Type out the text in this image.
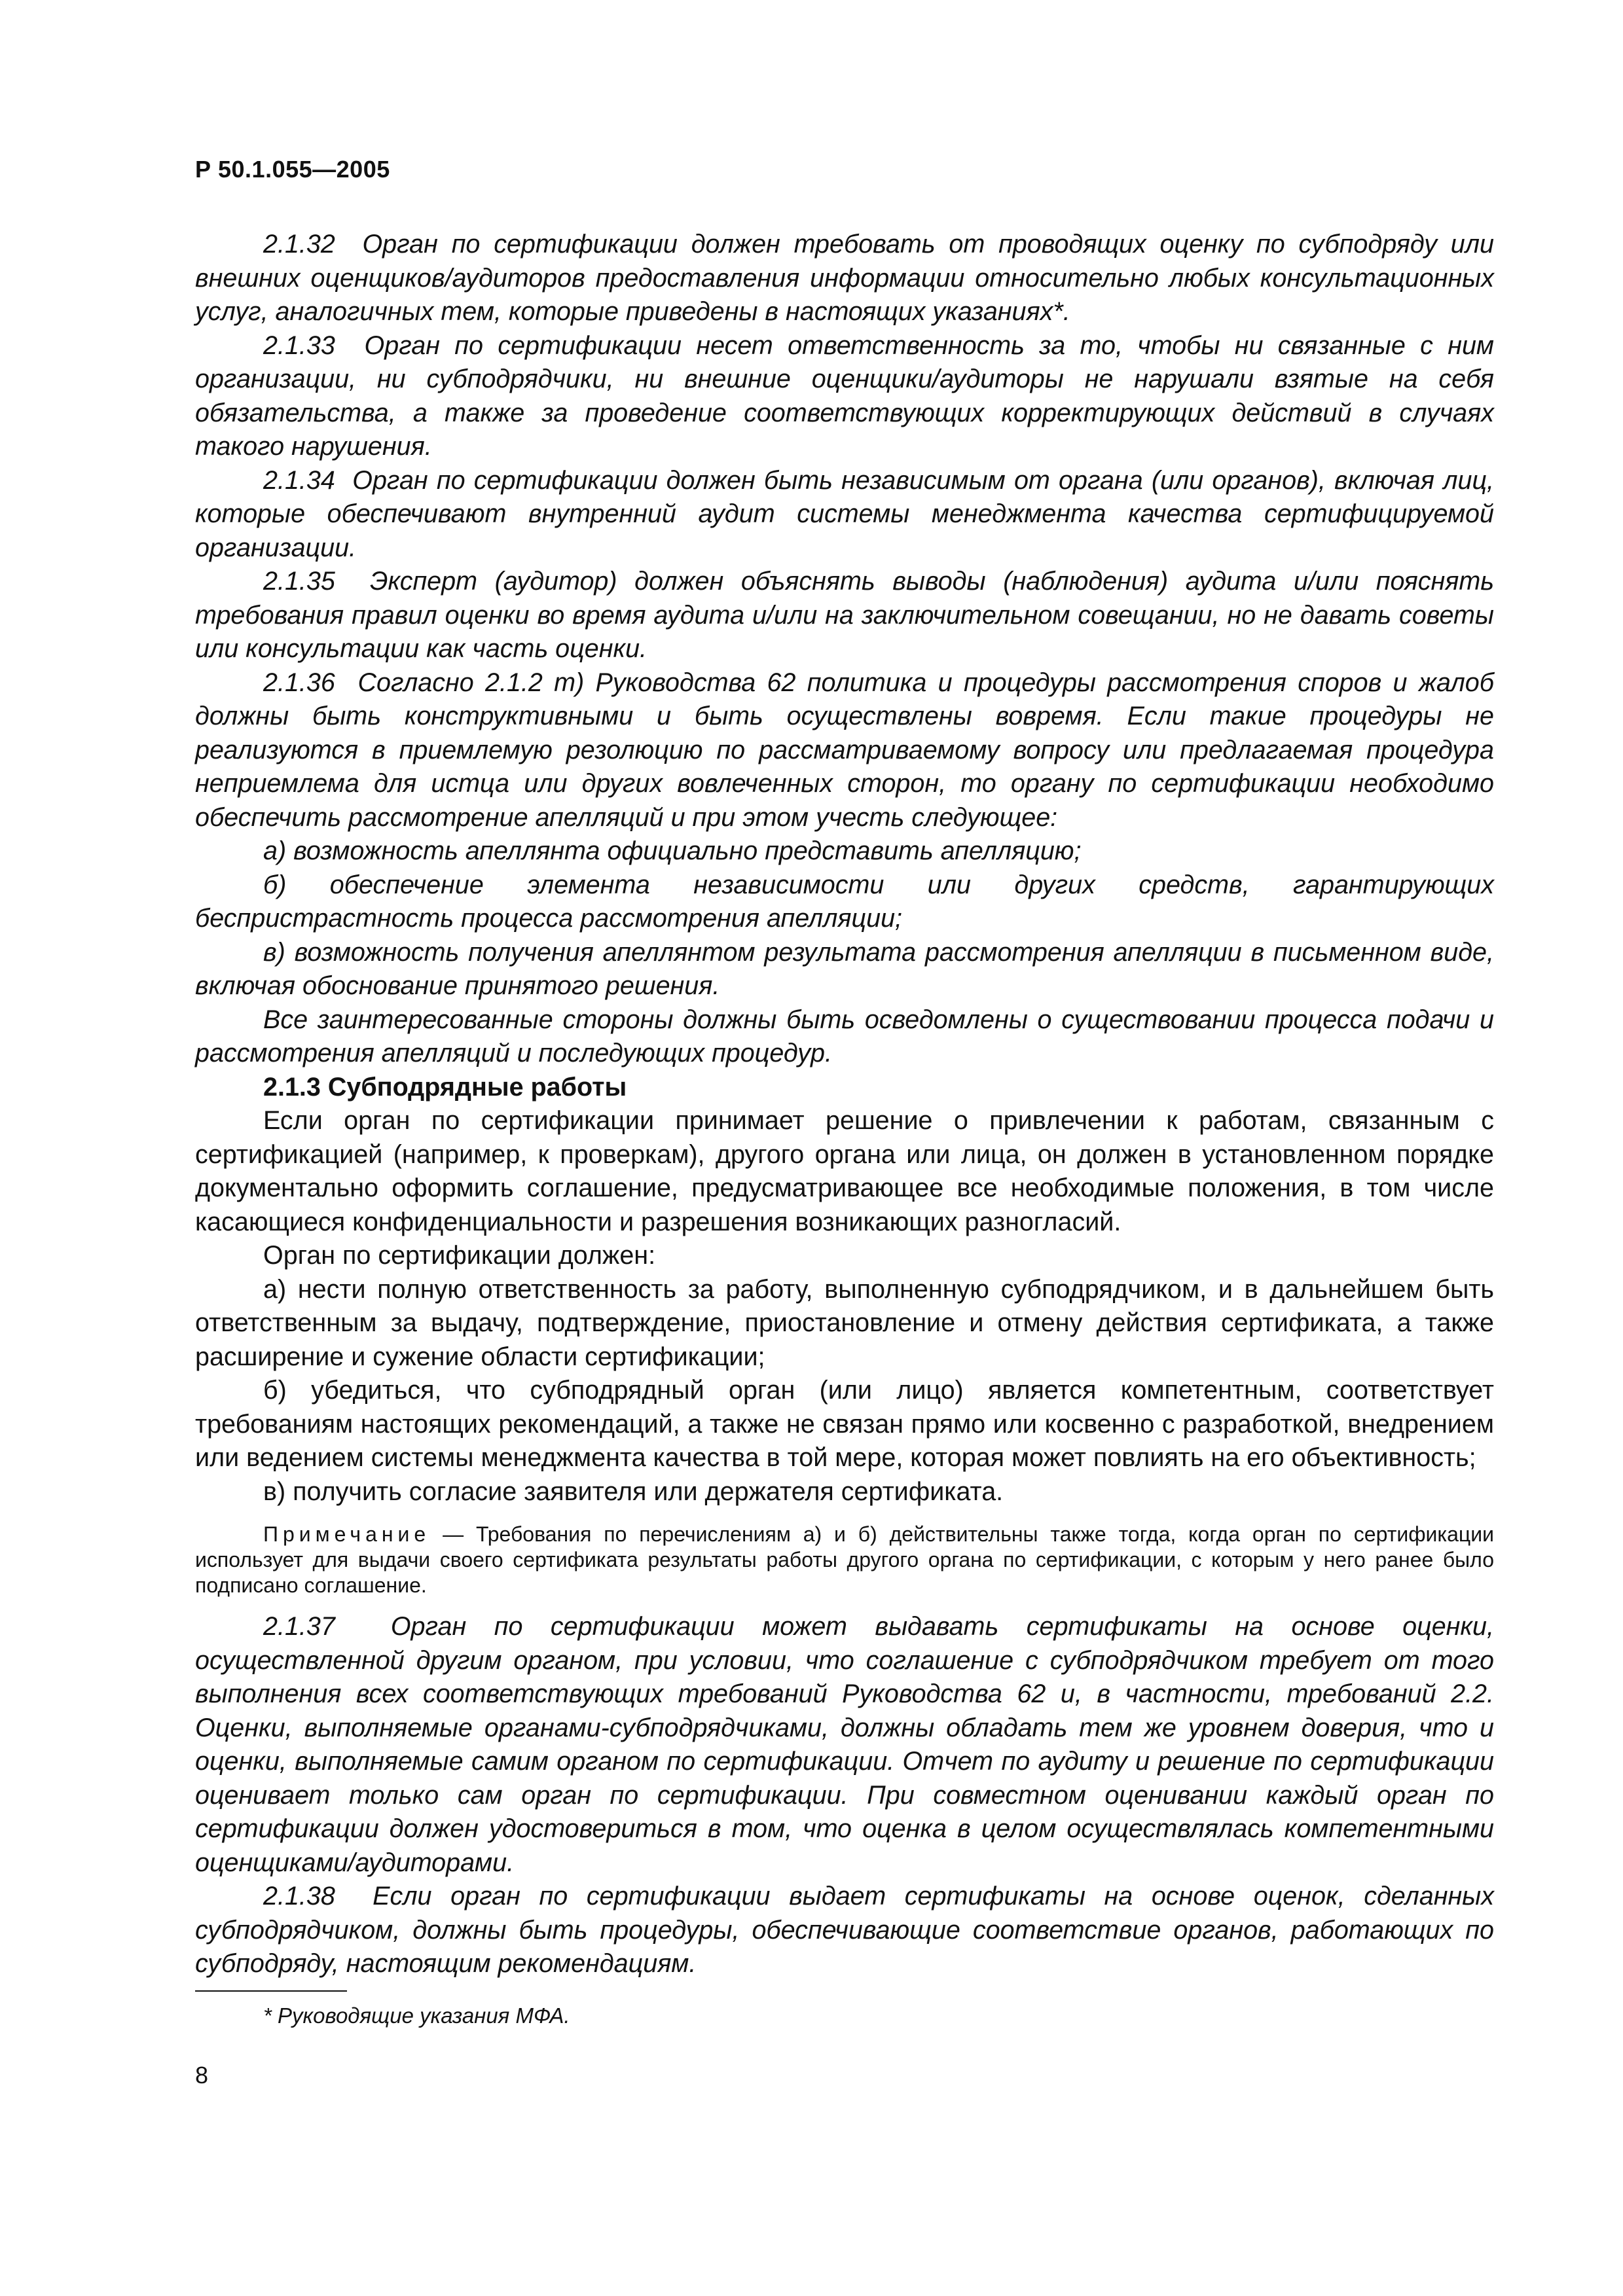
Р 50.1.055—2005

2.1.32 Орган по сертификации должен требовать от проводящих оценку по субподряду или внешних оценщиков/аудиторов предоставления информации относительно любых консультационных услуг, аналогичных тем, которые приведены в настоящих указаниях*.

2.1.33 Орган по сертификации несет ответственность за то, чтобы ни связанные с ним организации, ни субподрядчики, ни внешние оценщики/аудиторы не нарушали взятые на себя обязательства, а также за проведение соответствующих корректирующих действий в случаях такого нарушения.

2.1.34 Орган по сертификации должен быть независимым от органа (или органов), включая лиц, которые обеспечивают внутренний аудит системы менеджмента качества сертифицируемой организации.

2.1.35 Эксперт (аудитор) должен объяснять выводы (наблюдения) аудита и/или пояснять требования правил оценки во время аудита и/или на заключительном совещании, но не давать советы или консультации как часть оценки.

2.1.36 Согласно 2.1.2 m) Руководства 62 политика и процедуры рассмотрения споров и жалоб должны быть конструктивными и быть осуществлены вовремя. Если такие процедуры не реализуются в приемлемую резолюцию по рассматриваемому вопросу или предлагаемая процедура неприемлема для истца или других вовлеченных сторон, то органу по сертификации необходимо обеспечить рассмотрение апелляций и при этом учесть следующее:

а) возможность апеллянта официально представить апелляцию;

б) обеспечение элемента независимости или других средств, гарантирующих беспристрастность процесса рассмотрения апелляции;

в) возможность получения апеллянтом результата рассмотрения апелляции в письменном виде, включая обоснование принятого решения.

Все заинтересованные стороны должны быть осведомлены о существовании процесса подачи и рассмотрения апелляций и последующих процедур.

2.1.3 Субподрядные работы

Если орган по сертификации принимает решение о привлечении к работам, связанным с сертификацией (например, к проверкам), другого органа или лица, он должен в установленном порядке документально оформить соглашение, предусматривающее все необходимые положения, в том числе касающиеся конфиденциальности и разрешения возникающих разногласий.

Орган по сертификации должен:

а) нести полную ответственность за работу, выполненную субподрядчиком, и в дальнейшем быть ответственным за выдачу, подтверждение, приостановление и отмену действия сертификата, а также расширение и сужение области сертификации;

б) убедиться, что субподрядный орган (или лицо) является компетентным, соответствует требованиям настоящих рекомендаций, а также не связан прямо или косвенно с разработкой, внедрением или ведением системы менеджмента качества в той мере, которая может повлиять на его объективность;

в) получить согласие заявителя или держателя сертификата.

Примечание — Требования по перечислениям а) и б) действительны также тогда, когда орган по сертификации использует для выдачи своего сертификата результаты работы другого органа по сертификации, с которым у него ранее было подписано соглашение.

2.1.37 Орган по сертификации может выдавать сертификаты на основе оценки, осуществленной другим органом, при условии, что соглашение с субподрядчиком требует от того выполнения всех соответствующих требований Руководства 62 и, в частности, требований 2.2. Оценки, выполняемые органами-субподрядчиками, должны обладать тем же уровнем доверия, что и оценки, выполняемые самим органом по сертификации. Отчет по аудиту и решение по сертификации оценивает только сам орган по сертификации. При совместном оценивании каждый орган по сертификации должен удостовериться в том, что оценка в целом осуществлялась компетентными оценщиками/аудиторами.

2.1.38 Если орган по сертификации выдает сертификаты на основе оценок, сделанных субподрядчиком, должны быть процедуры, обеспечивающие соответствие органов, работающих по субподряду, настоящим рекомендациям.

* Руководящие указания МФА.
8
